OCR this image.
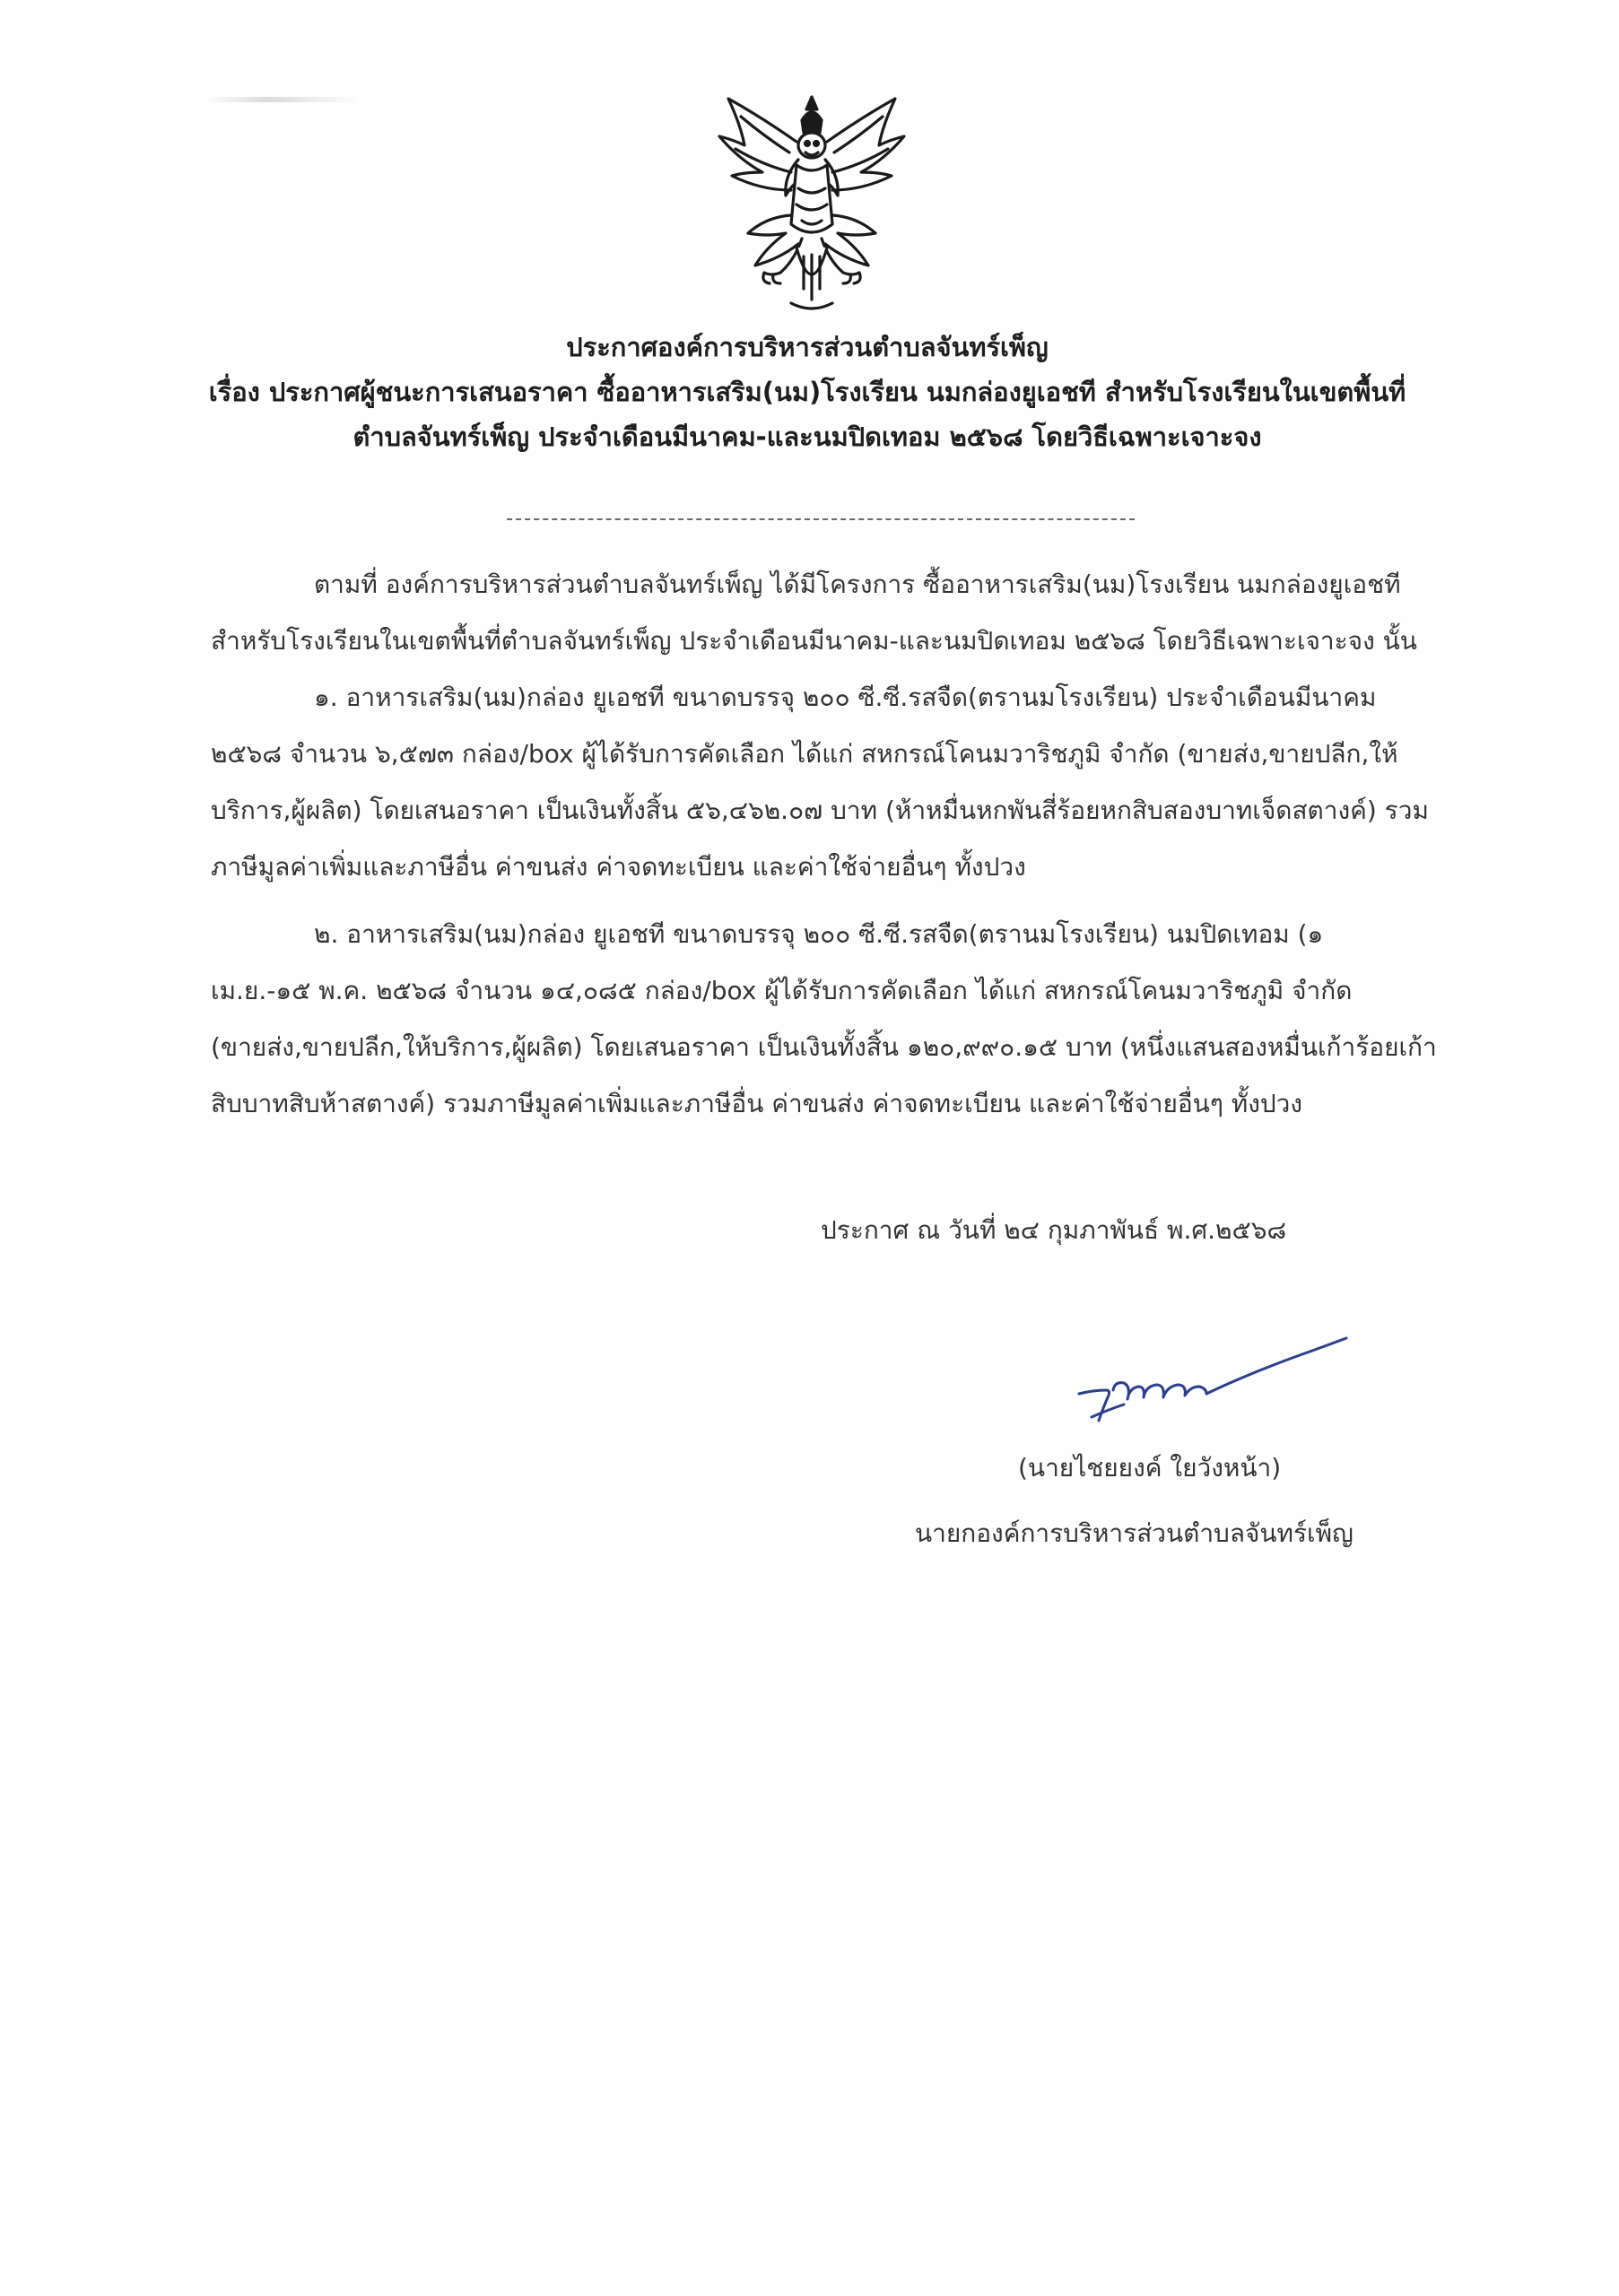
ประกาศองค์การบริหารส่วนตำบลจันทร์เพ็ญ
เรื่อง ประกาศผู้ชนะการเสนอราคา ซื้ออาหารเสริม(นม)โรงเรียน นมกล่องยูเอชที สำหรับโรงเรียนในเขตพื้นที่
ตำบลจันทร์เพ็ญ ประจำเดือนมีนาคม-และนมปิดเทอม ๒๕๖๘ โดยวิธีเฉพาะเจาะจง
ตามที่ องค์การบริหารส่วนตำบลจันทร์เพ็ญ ได้มีโครงการ ซื้ออาหารเสริม(นม)โรงเรียน นมกล่องยูเอชที
สำหรับโรงเรียนในเขตพื้นที่ตำบลจันทร์เพ็ญ ประจำเดือนมีนาคม-และนมปิดเทอม ๒๕๖๘ โดยวิธีเฉพาะเจาะจง นั้น
๑. อาหารเสริม(นม)กล่อง ยูเอชที ขนาดบรรจุ ๒๐๐ ซี.ซี.รสจืด(ตรานมโรงเรียน) ประจำเดือนมีนาคม
๒๕๖๘ จำนวน ๖,๕๗๓ กล่อง/box ผู้ได้รับการคัดเลือก ได้แก่ สหกรณ์โคนมวาริชภูมิ จำกัด (ขายส่ง,ขายปลีก,ให้
บริการ,ผู้ผลิต) โดยเสนอราคา เป็นเงินทั้งสิ้น ๕๖,๔๖๒.๐๗ บาท (ห้าหมื่นหกพันสี่ร้อยหกสิบสองบาทเจ็ดสตางค์) รวม
ภาษีมูลค่าเพิ่มและภาษีอื่น ค่าขนส่ง ค่าจดทะเบียน และค่าใช้จ่ายอื่นๆ ทั้งปวง
๒. อาหารเสริม(นม)กล่อง ยูเอชที ขนาดบรรจุ ๒๐๐ ซี.ซี.รสจืด(ตรานมโรงเรียน) นมปิดเทอม (๑
เม.ย.-๑๕ พ.ค. ๒๕๖๘ จำนวน ๑๔,๐๘๕ กล่อง/box ผู้ได้รับการคัดเลือก ได้แก่ สหกรณ์โคนมวาริชภูมิ จำกัด
(ขายส่ง,ขายปลีก,ให้บริการ,ผู้ผลิต) โดยเสนอราคา เป็นเงินทั้งสิ้น ๑๒๐,๙๙๐.๑๕ บาท (หนึ่งแสนสองหมื่นเก้าร้อยเก้า
สิบบาทสิบห้าสตางค์) รวมภาษีมูลค่าเพิ่มและภาษีอื่น ค่าขนส่ง ค่าจดทะเบียน และค่าใช้จ่ายอื่นๆ ทั้งปวง
ประกาศ ณ วันที่ ๒๔ กุมภาพันธ์ พ.ศ.๒๕๖๘
(นายไชยยงค์ ใยวังหน้า)
นายกองค์การบริหารส่วนตำบลจันทร์เพ็ญ
